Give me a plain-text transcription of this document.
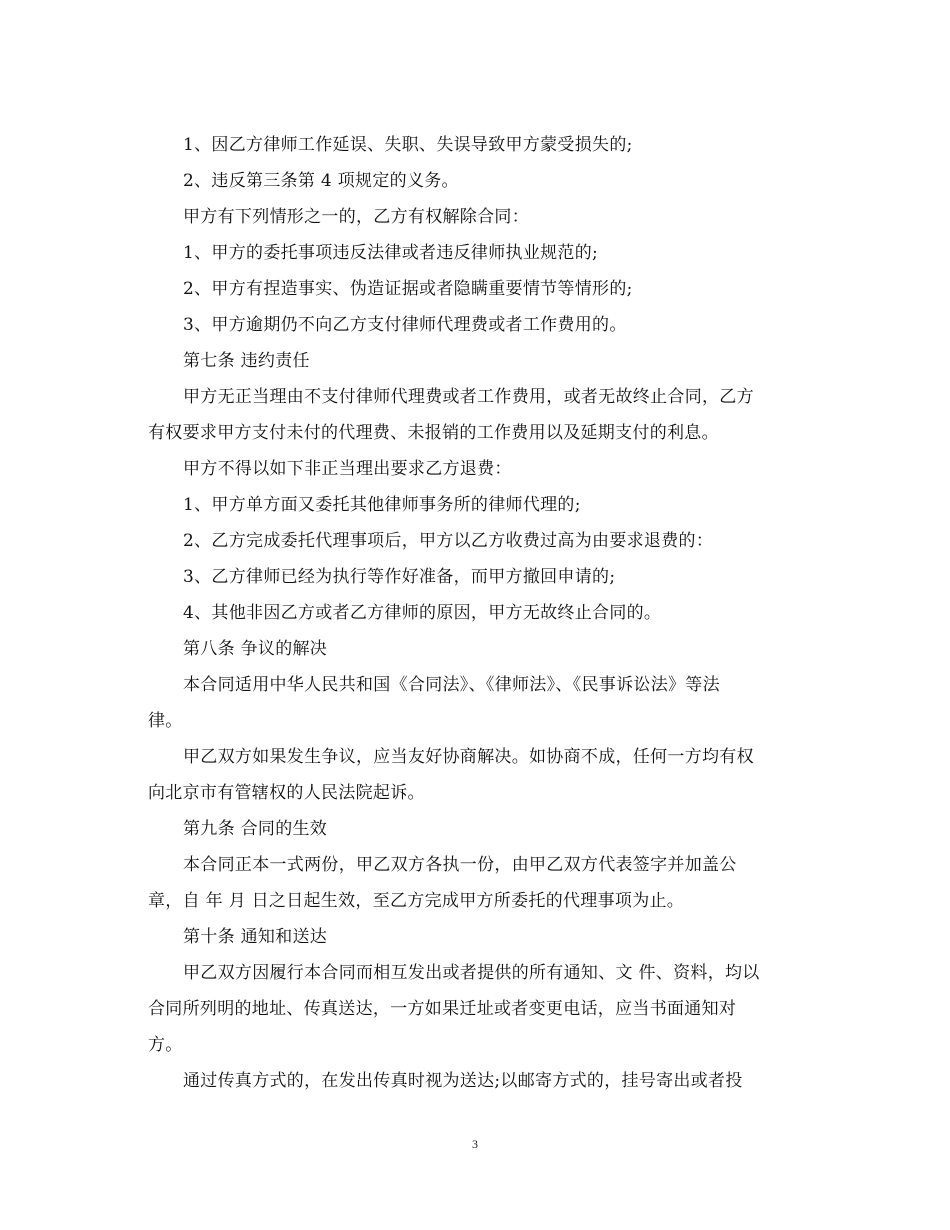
1、因乙方律师工作延误、失职、失误导致甲方蒙受损失的;
2、违反第三条第 4 项规定的义务。
甲方有下列情形之一的，乙方有权解除合同：
1、甲方的委托事项违反法律或者违反律师执业规范的;
2、甲方有捏造事实、伪造证据或者隐瞒重要情节等情形的;
3、甲方逾期仍不向乙方支付律师代理费或者工作费用的。
第七条 违约责任
甲方无正当理由不支付律师代理费或者工作费用，或者无故终止合同，乙方
有权要求甲方支付未付的代理费、未报销的工作费用以及延期支付的利息。
甲方不得以如下非正当理出要求乙方退费：
1、甲方单方面又委托其他律师事务所的律师代理的;
2、乙方完成委托代理事项后，甲方以乙方收费过高为由要求退费的：
3、乙方律师已经为执行等作好准备，而甲方撤回申请的;
4、其他非因乙方或者乙方律师的原因，甲方无故终止合同的。
第八条 争议的解决
本合同适用中华人民共和国《合同法》、《律师法》、《民事诉讼法》等法
律。
甲乙双方如果发生争议，应当友好协商解决。如协商不成，任何一方均有权
向北京市有管辖权的人民法院起诉。
第九条 合同的生效
本合同正本一式两份，甲乙双方各执一份，由甲乙双方代表签字并加盖公
章，自 年 月 日之日起生效，至乙方完成甲方所委托的代理事项为止。
第十条 通知和送达
甲乙双方因履行本合同而相互发出或者提供的所有通知、文 件、资料，均以
合同所列明的地址、传真送达，一方如果迁址或者变更电话，应当书面通知对
方。
通过传真方式的，在发出传真时视为送达;以邮寄方式的，挂号寄出或者投
3
